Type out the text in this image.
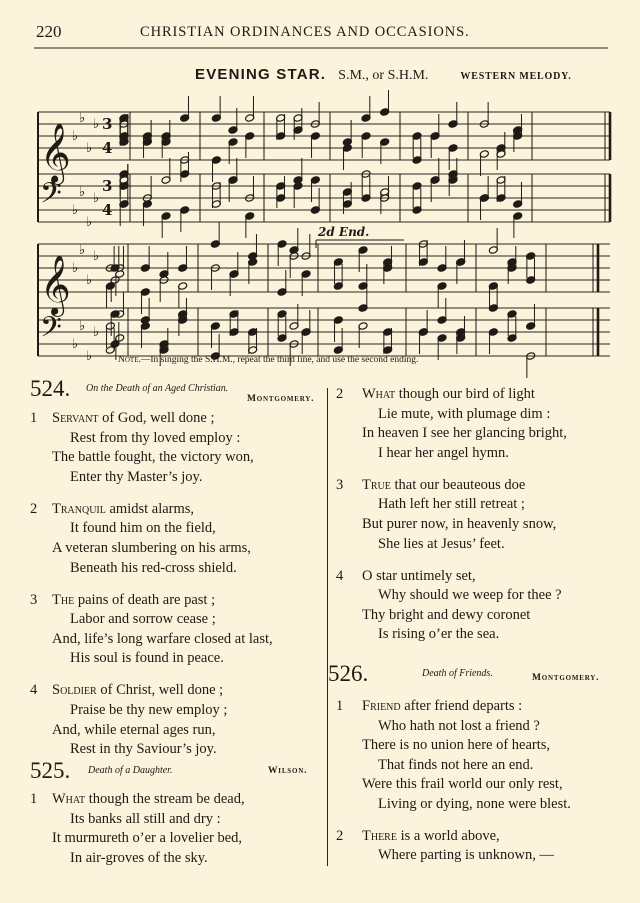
220	CHRISTIAN ORDINANCES AND OCCASIONS.
EVENING STAR. S.M., or S.H.M.	WESTERN MELODY.
𝄞 ♭
♭
♭
♭ 3
4
𝄢 ♭
♭
♭
♭
3
4
𝄞 ♭
♭
♭
♭
𝄢 ♭
♭
♭
♭
2d End.
Note.—In singing the S.H.M., repeat the third line, and use the second ending.
524. On the Death of an Aged Christian.
Montgomery.
1 Servant of God, well done ;
Rest from thy loved employ :
The battle fought, the victory won,
Enter thy Master’s joy.
2 Tranquil amidst alarms,
It found him on the field,
A veteran slumbering on his arms,
Beneath his red-cross shield.
3 The pains of death are past ;
Labor and sorrow cease ;
And, life’s long warfare closed at last,
His soul is found in peace.
4 Soldier of Christ, well done ;
Praise be thy new employ ;
And, while eternal ages run,
Rest in thy Saviour’s joy.
525. Death of a Daughter.	Wilson.
1 What though the stream be dead,
Its banks all still and dry :
It murmureth o’er a lovelier bed,
In air-groves of the sky.
2 What though our bird of light
Lie mute, with plumage dim :
In heaven I see her glancing bright,
I hear her angel hymn.
3 True that our beauteous doe
Hath left her still retreat ;
But purer now, in heavenly snow,
She lies at Jesus’ feet.
4 O star untimely set,
Why should we weep for thee ?
Thy bright and dewy coronet
Is rising o’er the sea.
526.	Death of Friends.	Montgomery.
1 Friend after friend departs :
Who hath not lost a friend ?
There is no union here of hearts,
That finds not here an end.
Were this frail world our only rest,
Living or dying, none were blest.
2 There is a world above,
Where parting is unknown, —
